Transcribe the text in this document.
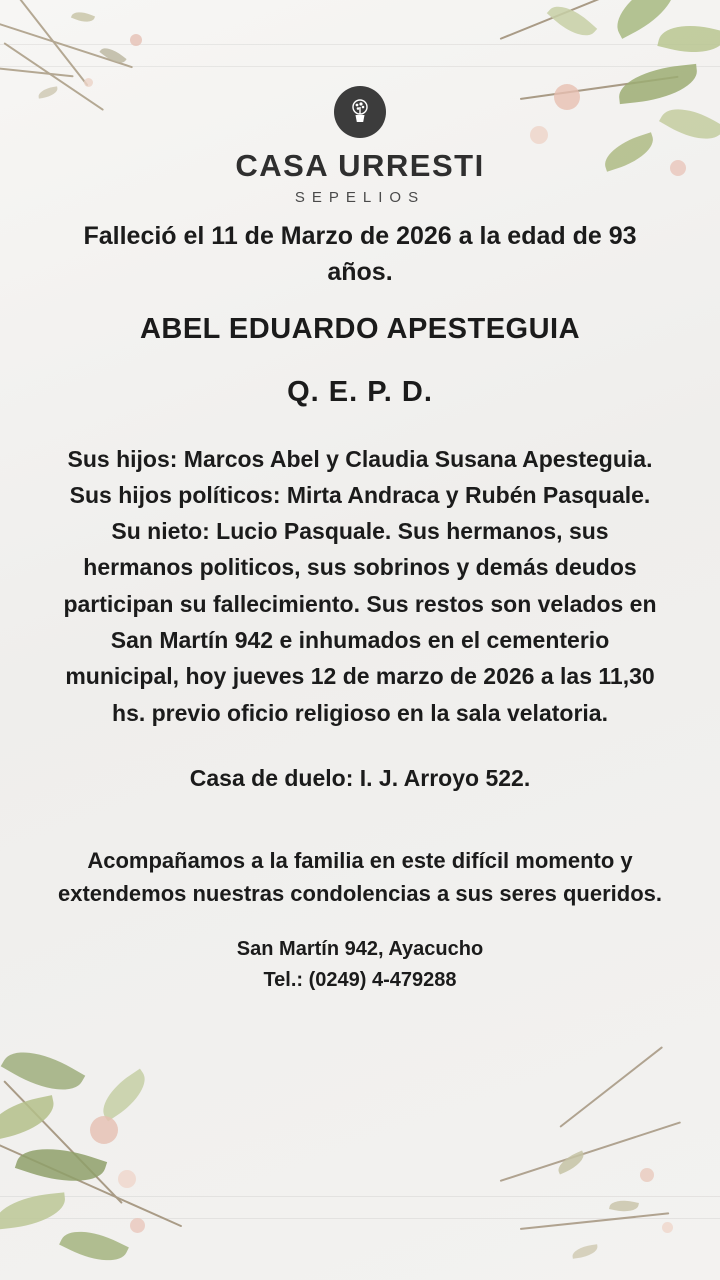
CASA URRESTI
SEPELIOS

Falleció el 11 de Marzo de 2026 a la edad de 93 años.

ABEL EDUARDO APESTEGUIA

Q. E. P. D.

Sus hijos: Marcos Abel y Claudia Susana Apesteguia. Sus hijos políticos: Mirta Andraca y Rubén Pasquale. Su nieto: Lucio Pasquale. Sus hermanos, sus hermanos politicos, sus sobrinos y demás deudos participan su fallecimiento. Sus restos son velados en San Martín 942 e inhumados en el cementerio municipal, hoy jueves 12 de marzo de 2026 a las 11,30 hs. previo oficio religioso en la sala velatoria.

Casa de duelo: I. J. Arroyo 522.

Acompañamos a la familia en este difícil momento y extendemos nuestras condolencias a sus seres queridos.

San Martín 942, Ayacucho

Tel.: (0249) 4-479288
